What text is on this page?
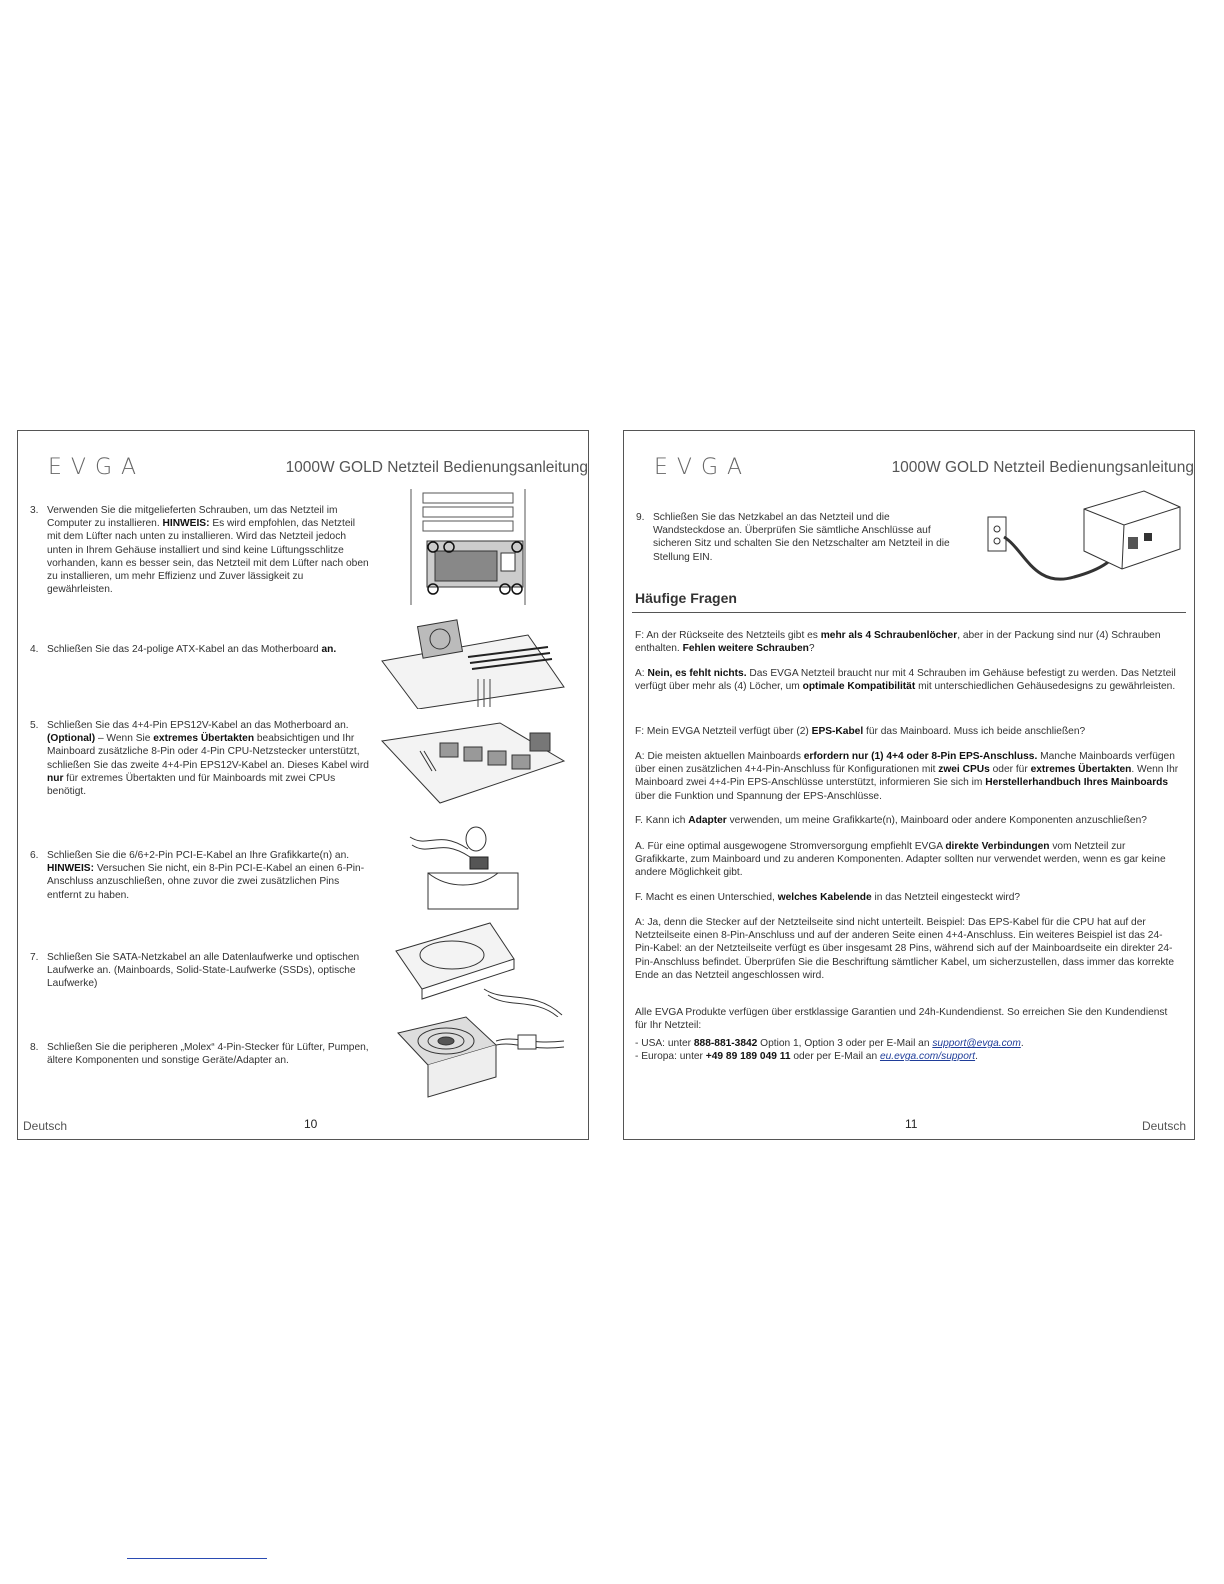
EVGA	1000W GOLD Netzteil Bedienungsanleitung
3. Verwenden Sie die mitgelieferten Schrauben, um das Netzteil im Computer zu installieren. HINWEIS: Es wird empfohlen, das Netzteil mit dem Lüfter nach unten zu installieren. Wird das Netzteil jedoch unten in Ihrem Gehäuse installiert und sind keine Lüftungsschlitze vorhanden, kann es besser sein, das Netzteil mit dem Lüfter nach oben zu installieren, um mehr Effizienz und Zuver lässigkeit zu gewährleisten.
4. Schließen Sie das 24-polige ATX-Kabel an das Motherboard an.
5. Schließen Sie das 4+4-Pin EPS12V-Kabel an das Motherboard an. (Optional) – Wenn Sie extremes Übertakten beabsichtigen und Ihr Mainboard zusätzliche 8-Pin oder 4-Pin CPU-Netzstecker unterstützt, schließen Sie das zweite 4+4-Pin EPS12V-Kabel an. Dieses Kabel wird nur für extremes Übertakten und für Mainboards mit zwei CPUs benötigt.
6. Schließen Sie die 6/6+2-Pin PCI-E-Kabel an Ihre Grafikkarte(n) an. HINWEIS: Versuchen Sie nicht, ein 8-Pin PCI-E-Kabel an einen 6-Pin-Anschluss anzuschließen, ohne zuvor die zwei zusätzlichen Pins entfernt zu haben.
7. Schließen Sie SATA-Netzkabel an alle Datenlaufwerke und optischen Laufwerke an. (Mainboards, Solid-State-Laufwerke (SSDs), optische Laufwerke)
8. Schließen Sie die peripheren „Molex“ 4-Pin-Stecker für Lüfter, Pumpen, ältere Komponenten und sonstige Geräte/Adapter an.
Deutsch	10
EVGA	1000W GOLD Netzteil Bedienungsanleitung
9. Schließen Sie das Netzkabel an das Netzteil und die Wandsteckdose an. Überprüfen Sie sämtliche Anschlüsse auf sicheren Sitz und schalten Sie den Netzschalter am Netzteil in die Stellung EIN.
Häufige Fragen
F: An der Rückseite des Netzteils gibt es mehr als 4 Schraubenlöcher, aber in der Packung sind nur (4) Schrauben enthalten. Fehlen weitere Schrauben?
A: Nein, es fehlt nichts. Das EVGA Netzteil braucht nur mit 4 Schrauben im Gehäuse befestigt zu werden. Das Netzteil verfügt über mehr als (4) Löcher, um optimale Kompatibilität mit unterschiedlichen Gehäusedesigns zu gewährleisten.
F: Mein EVGA Netzteil verfügt über (2) EPS-Kabel für das Mainboard. Muss ich beide anschließen?
A: Die meisten aktuellen Mainboards erfordern nur (1) 4+4 oder 8-Pin EPS-Anschluss. Manche Mainboards verfügen über einen zusätzlichen 4+4-Pin-Anschluss für Konfigurationen mit zwei CPUs oder für extremes Übertakten. Wenn Ihr Mainboard zwei 4+4-Pin EPS-Anschlüsse unterstützt, informieren Sie sich im Herstellerhandbuch Ihres Mainboards über die Funktion und Spannung der EPS-Anschlüsse.
F. Kann ich Adapter verwenden, um meine Grafikkarte(n), Mainboard oder andere Komponenten anzuschließen?
A. Für eine optimal ausgewogene Stromversorgung empfiehlt EVGA direkte Verbindungen vom Netzteil zur Grafikkarte, zum Mainboard und zu anderen Komponenten. Adapter sollten nur verwendet werden, wenn es gar keine andere Möglichkeit gibt.
F. Macht es einen Unterschied, welches Kabelende in das Netzteil eingesteckt wird?
A: Ja, denn die Stecker auf der Netzteilseite sind nicht unterteilt. Beispiel: Das EPS-Kabel für die CPU hat auf der Netzteilseite einen 8-Pin-Anschluss und auf der anderen Seite einen 4+4-Anschluss. Ein weiteres Beispiel ist das 24-Pin-Kabel: an der Netzteilseite verfügt es über insgesamt 28 Pins, während sich auf der Mainboardseite ein direkter 24-Pin-Anschluss befindet. Überprüfen Sie die Beschriftung sämtlicher Kabel, um sicherzustellen, dass immer das korrekte Ende an das Netzteil angeschlossen wird.
Alle EVGA Produkte verfügen über erstklassige Garantien und 24h-Kundendienst. So erreichen Sie den Kundendienst für Ihr Netzteil:
- USA: unter 888-881-3842 Option 1, Option 3 oder per E-Mail an support@evga.com.
- Europa: unter +49 89 189 049 11 oder per E-Mail an eu.evga.com/support.
11	Deutsch
